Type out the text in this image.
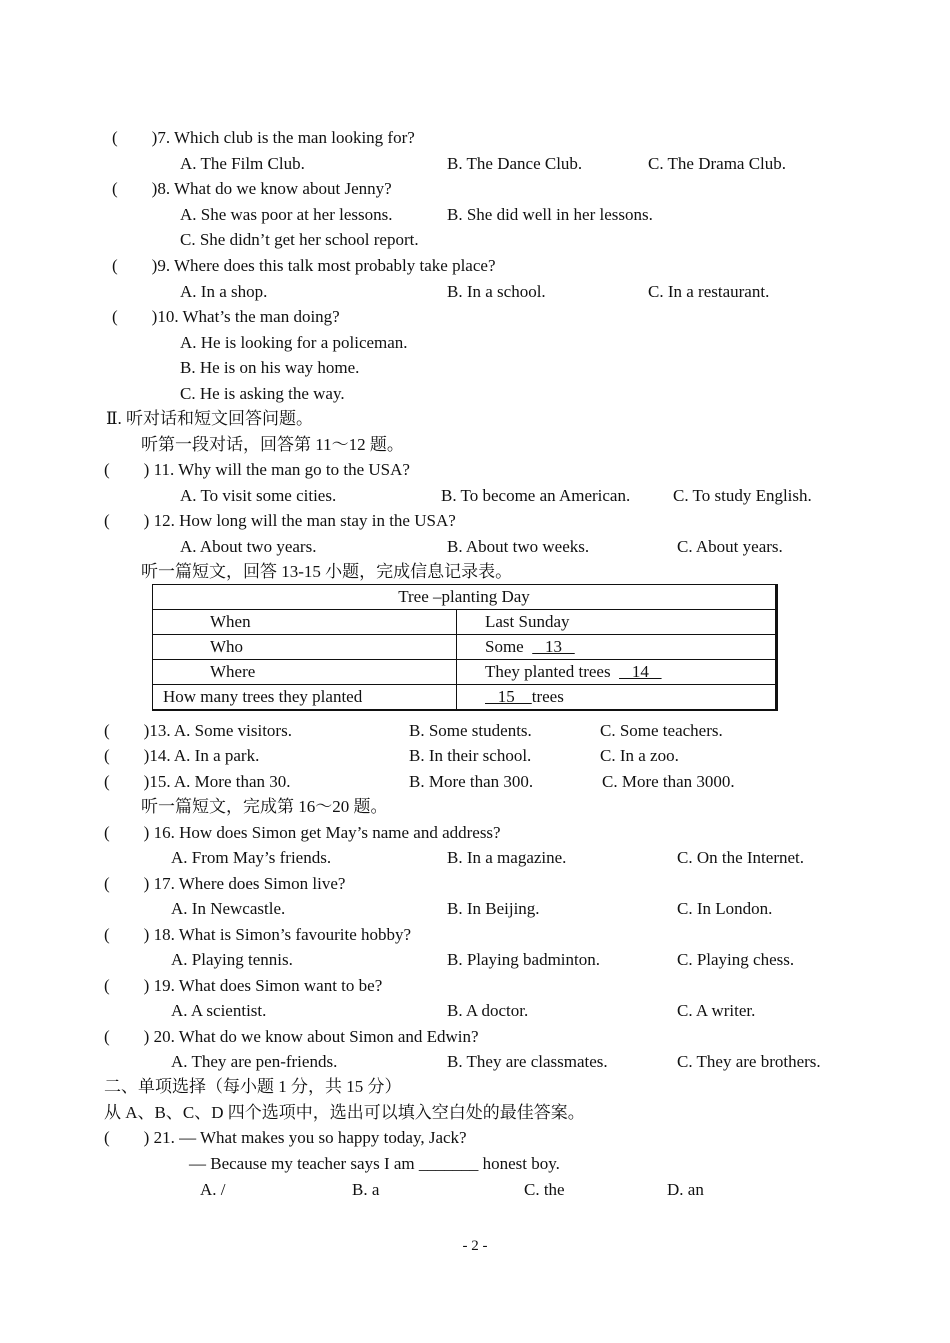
(        )7. Which club is the man looking for?
A. The Film Club.	B. The Dance Club.	C. The Drama Club.
(        )8. What do we know about Jenny?
A. She was poor at her lessons.	B. She did well in her lessons.
C. She didn’t get her school report.
(        )9. Where does this talk most probably take place?
A. In a shop.	B. In a school.	C. In a restaurant.
(        )10. What’s the man doing?
A. He is looking for a policeman.
B. He is on his way home.
C. He is asking the way.
Ⅱ. 听对话和短文回答问题。
听第一段对话，回答第 11～12 题。
(        ) 11. Why will the man go to the USA?
A. To visit some cities.	B. To become an American.	C. To study English.
(        ) 12. How long will the man stay in the USA?
A. About two years.	B. About two weeks.	C. About years.
听一篇短文，回答 13-15 小题，完成信息记录表。
Tree –planting Day	
When	Last Sunday
Who	Some     13
Where	They planted trees     14
How many trees they planted	15    trees
(        )13. A. Some visitors.	B. Some students.	C. Some teachers.
(        )14. A. In a park.	B. In their school.	C. In a zoo.
(        )15. A. More than 30.	B. More than 300.	C. More than 3000.
听一篇短文，完成第 16～20 题。
(        ) 16. How does Simon get May’s name and address?
A. From May’s friends.	B. In a magazine.	C. On the Internet.
(        ) 17. Where does Simon live?
A. In Newcastle.	B. In Beijing.	C. In London.
(        ) 18. What is Simon’s favourite hobby?
A. Playing tennis.	B. Playing badminton.	C. Playing chess.
(        ) 19. What does Simon want to be?
A. A scientist.	B. A doctor.	C. A writer.
(        ) 20. What do we know about Simon and Edwin?
A. They are pen-friends.	B. They are classmates.	C. They are brothers.
二、单项选择（每小题 1 分，共 15 分）
从 A、B、C、D 四个选项中，选出可以填入空白处的最佳答案。
(        ) 21. — What makes you so happy today, Jack?
— Because my teacher says I am _______ honest boy.
A. /	B. a	C. the	D. an
- 2 -
